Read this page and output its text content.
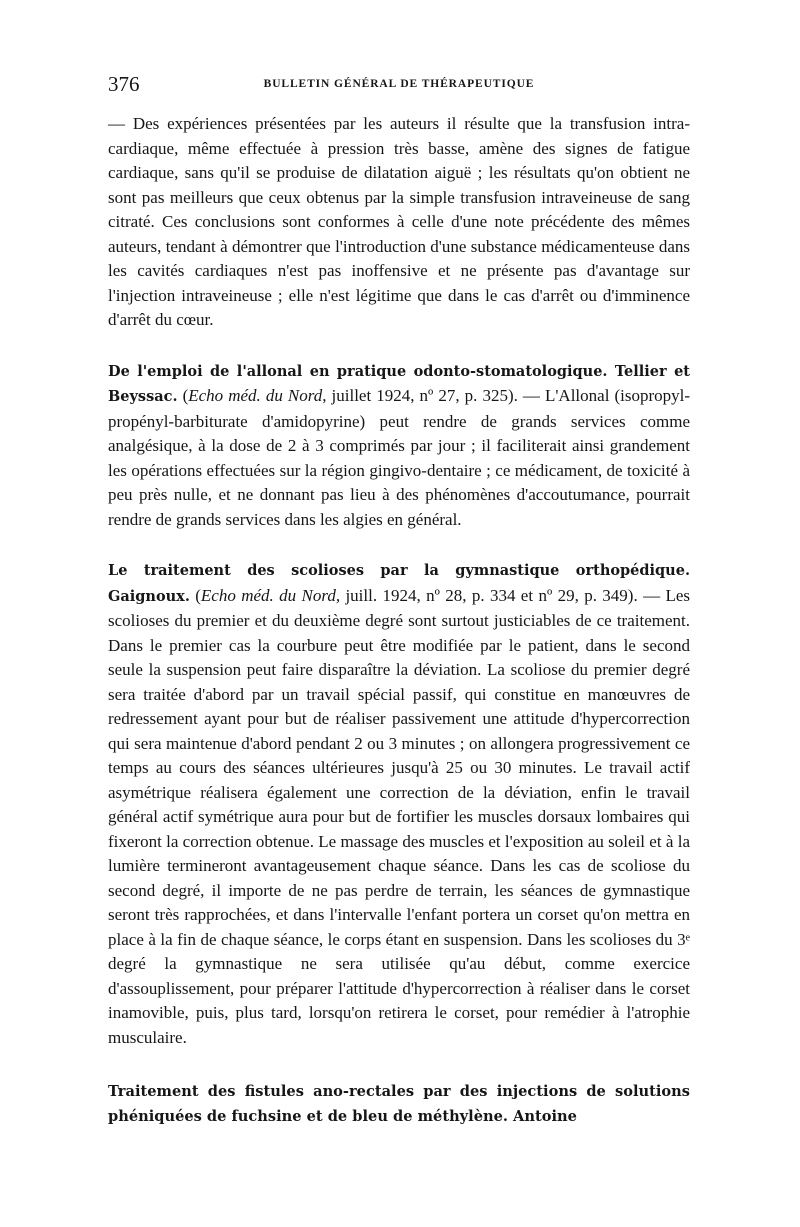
376	BULLETIN GÉNÉRAL DE THÉRAPEUTIQUE

— Des expériences présentées par les auteurs il résulte que la transfusion intra-cardiaque, même effectuée à pression très basse, amène des signes de fatigue cardiaque, sans qu'il se produise de dilatation aiguë ; les résultats qu'on obtient ne sont pas meilleurs que ceux obtenus par la simple transfusion intraveineuse de sang citraté. Ces conclusions sont conformes à celle d'une note précédente des mêmes auteurs, tendant à démontrer que l'introduction d'une substance médicamenteuse dans les cavités cardiaques n'est pas inoffensive et ne présente pas d'avantage sur l'injection intraveineuse ; elle n'est légitime que dans le cas d'arrêt ou d'imminence d'arrêt du cœur.

De l'emploi de l'allonal en pratique odonto-stomatologique. Tellier et Beyssac. (Echo méd. du Nord, juillet 1924, nº 27, p. 325). — L'Allonal (isopropyl-propényl-barbiturate d'amidopyrine) peut rendre de grands services comme analgésique, à la dose de 2 à 3 comprimés par jour ; il faciliterait ainsi grandement les opérations effectuées sur la région gingivo-dentaire ; ce médicament, de toxicité à peu près nulle, et ne donnant pas lieu à des phénomènes d'accoutumance, pourrait rendre de grands services dans les algies en général.

Le traitement des scolioses par la gymnastique orthopédique. Gaignoux. (Echo méd. du Nord, juill. 1924, nº 28, p. 334 et nº 29, p. 349). — Les scolioses du premier et du deuxième degré sont surtout justiciables de ce traitement. Dans le premier cas la courbure peut être modifiée par le patient, dans le second seule la suspension peut faire disparaître la déviation. La scoliose du premier degré sera traitée d'abord par un travail spécial passif, qui constitue en manœuvres de redressement ayant pour but de réaliser passivement une attitude d'hypercorrection qui sera maintenue d'abord pendant 2 ou 3 minutes ; on allongera progressivement ce temps au cours des séances ultérieures jusqu'à 25 ou 30 minutes. Le travail actif asymétrique réalisera également une correction de la déviation, enfin le travail général actif symétrique aura pour but de fortifier les muscles dorsaux lombaires qui fixeront la correction obtenue. Le massage des muscles et l'exposition au soleil et à la lumière termineront avantageusement chaque séance. Dans les cas de scoliose du second degré, il importe de ne pas perdre de terrain, les séances de gymnastique seront très rapprochées, et dans l'intervalle l'enfant portera un corset qu'on mettra en place à la fin de chaque séance, le corps étant en suspension. Dans les scolioses du 3ᵉ degré la gymnastique ne sera utilisée qu'au début, comme exercice d'assouplissement, pour préparer l'attitude d'hypercorrection à réaliser dans le corset inamovible, puis, plus tard, lorsqu'on retirera le corset, pour remédier à l'atrophie musculaire.

Traitement des fistules ano-rectales par des injections de solutions phéniquées de fuchsine et de bleu de méthylène. Antoine
